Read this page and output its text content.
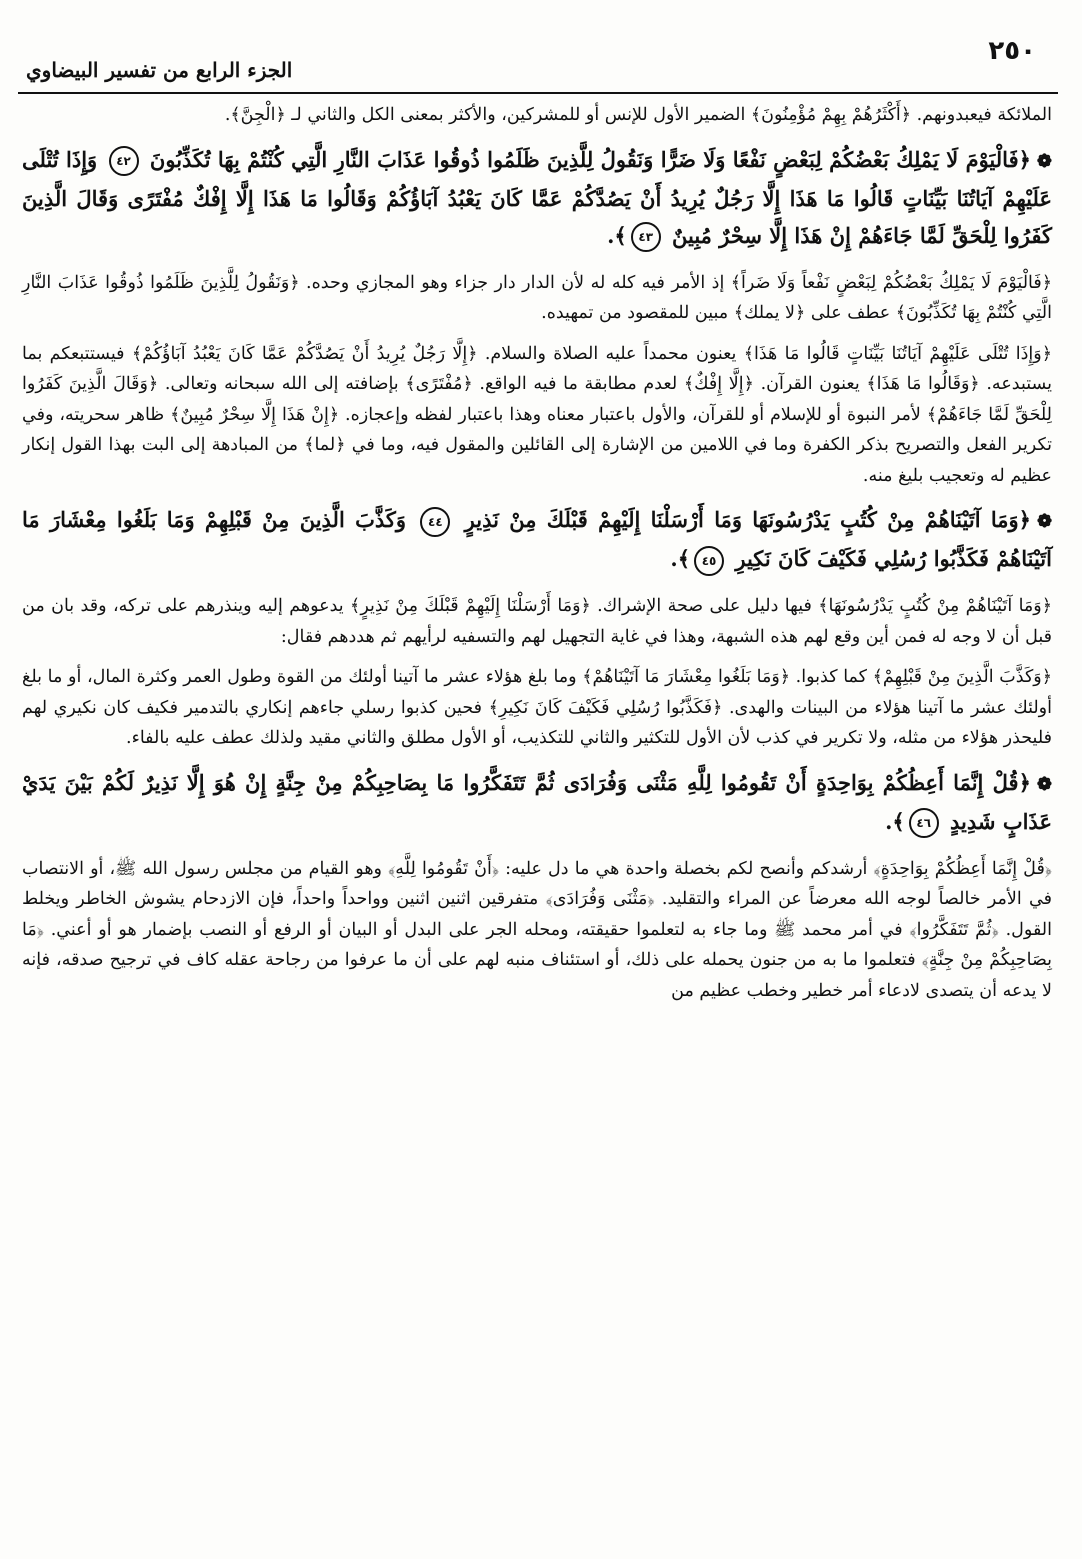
٢٥٠
الجزء الرابع من تفسير البيضاوي

الملائكة فيعبدونهم. ﴿أَكْثَرُهُمْ بِهِمْ مُؤْمِنُونَ﴾ الضمير الأول للإنس أو للمشركين، والأكثر بمعنى الكل والثاني لـ ﴿الْجِنَّ﴾.

❁﴿فَالْيَوْمَ لَا يَمْلِكُ بَعْضُكُمْ لِبَعْضٍ نَفْعًا وَلَا ضَرًّا وَنَقُولُ لِلَّذِينَ ظَلَمُوا ذُوقُوا عَذَابَ النَّارِ الَّتِي كُنْتُمْ بِهَا تُكَذِّبُونَ ٤٢ وَإِذَا تُتْلَى عَلَيْهِمْ آيَاتُنَا بَيِّنَاتٍ قَالُوا مَا هَذَا إِلَّا رَجُلٌ يُرِيدُ أَنْ يَصُدَّكُمْ عَمَّا كَانَ يَعْبُدُ آبَاؤُكُمْ وَقَالُوا مَا هَذَا إِلَّا إِفْكٌ مُفْتَرًى وَقَالَ الَّذِينَ كَفَرُوا لِلْحَقِّ لَمَّا جَاءَهُمْ إِنْ هَذَا إِلَّا سِحْرٌ مُبِينٌ ٤٣﴾.

﴿فَالْيَوْمَ لَا يَمْلِكُ بَعْضُكُمْ لِبَعْضٍ نَفْعاً وَلَا ضَراً﴾ إذ الأمر فيه كله له لأن الدار دار جزاء وهو المجازي وحده. ﴿وَنَقُولُ لِلَّذِينَ ظَلَمُوا ذُوقُوا عَذَابَ النَّارِ الَّتِي كُنْتُمْ بِهَا تُكَذِّبُونَ﴾ عطف على ﴿لا يملك﴾ مبين للمقصود من تمهيده.

﴿وَإِذَا تُتْلَى عَلَيْهِمْ آيَاتُنَا بَيِّنَاتٍ قَالُوا مَا هَذَا﴾ يعنون محمداً عليه الصلاة والسلام. ﴿إِلَّا رَجُلٌ يُرِيدُ أَنْ يَصُدَّكُمْ عَمَّا كَانَ يَعْبُدُ آبَاؤُكُمْ﴾ فيستتبعكم بما يستبدعه. ﴿وَقَالُوا مَا هَذَا﴾ يعنون القرآن. ﴿إِلَّا إِفْكٌ﴾ لعدم مطابقة ما فيه الواقع. ﴿مُفْتَرًى﴾ بإضافته إلى الله سبحانه وتعالى. ﴿وَقَالَ الَّذِينَ كَفَرُوا لِلْحَقِّ لَمَّا جَاءَهُمْ﴾ لأمر النبوة أو للإسلام أو للقرآن، والأول باعتبار معناه وهذا باعتبار لفظه وإعجازه. ﴿إِنْ هَذَا إِلَّا سِحْرٌ مُبِينٌ﴾ ظاهر سحريته، وفي تكرير الفعل والتصريح بذكر الكفرة وما في اللامين من الإشارة إلى القائلين والمقول فيه، وما في ﴿لما﴾ من المبادهة إلى البت بهذا القول إنكار عظيم له وتعجيب بليغ منه.

❁﴿وَمَا آتَيْنَاهُمْ مِنْ كُتُبٍ يَدْرُسُونَهَا وَمَا أَرْسَلْنَا إِلَيْهِمْ قَبْلَكَ مِنْ نَذِيرٍ ٤٤ وَكَذَّبَ الَّذِينَ مِنْ قَبْلِهِمْ وَمَا بَلَغُوا مِعْشَارَ مَا آتَيْنَاهُمْ فَكَذَّبُوا رُسُلِي فَكَيْفَ كَانَ نَكِيرِ ٤٥﴾.

﴿وَمَا آتَيْنَاهُمْ مِنْ كُتُبٍ يَدْرُسُونَهَا﴾ فيها دليل على صحة الإشراك. ﴿وَمَا أَرْسَلْنَا إِلَيْهِمْ قَبْلَكَ مِنْ نَذِيرٍ﴾ يدعوهم إليه وينذرهم على تركه، وقد بان من قبل أن لا وجه له فمن أين وقع لهم هذه الشبهة، وهذا في غاية التجهيل لهم والتسفيه لرأيهم ثم هددهم فقال:

﴿وَكَذَّبَ الَّذِينَ مِنْ قَبْلِهِمْ﴾ كما كذبوا. ﴿وَمَا بَلَغُوا مِعْشَارَ مَا آتَيْنَاهُمْ﴾ وما بلغ هؤلاء عشر ما آتينا أولئك من القوة وطول العمر وكثرة المال، أو ما بلغ أولئك عشر ما آتينا هؤلاء من البينات والهدى. ﴿فَكَذَّبُوا رُسُلِي فَكَيْفَ كَانَ نَكِيرِ﴾ فحين كذبوا رسلي جاءهم إنكاري بالتدمير فكيف كان نكيري لهم فليحذر هؤلاء من مثله، ولا تكرير في كذب لأن الأول للتكثير والثاني للتكذيب، أو الأول مطلق والثاني مقيد ولذلك عطف عليه بالفاء.

❁﴿قُلْ إِنَّمَا أَعِظُكُمْ بِوَاحِدَةٍ أَنْ تَقُومُوا لِلَّهِ مَثْنَى وَفُرَادَى ثُمَّ تَتَفَكَّرُوا مَا بِصَاحِبِكُمْ مِنْ جِنَّةٍ إِنْ هُوَ إِلَّا نَذِيرٌ لَكُمْ بَيْنَ يَدَيْ عَذَابٍ شَدِيدٍ ٤٦﴾.

﴿قُلْ إِنَّمَا أَعِظُكُمْ بِوَاحِدَةٍ﴾ أرشدكم وأنصح لكم بخصلة واحدة هي ما دل عليه: ﴿أَنْ تَقُومُوا لِلَّهِ﴾ وهو القيام من مجلس رسول الله ﷺ، أو الانتصاب في الأمر خالصاً لوجه الله معرضاً عن المراء والتقليد. ﴿مَثْنَى وَفُرَادَى﴾ متفرقين اثنين اثنين وواحداً واحداً، فإن الازدحام يشوش الخاطر ويخلط القول. ﴿ثُمَّ تَتَفَكَّرُوا﴾ في أمر محمد ﷺ وما جاء به لتعلموا حقيقته، ومحله الجر على البدل أو البيان أو الرفع أو النصب بإضمار هو أو أعني. ﴿مَا بِصَاحِبِكُمْ مِنْ جِنَّةٍ﴾ فتعلموا ما به من جنون يحمله على ذلك، أو استئناف منبه لهم على أن ما عرفوا من رجاحة عقله كاف في ترجيح صدقه، فإنه لا يدعه أن يتصدى لادعاء أمر خطير وخطب عظيم من
